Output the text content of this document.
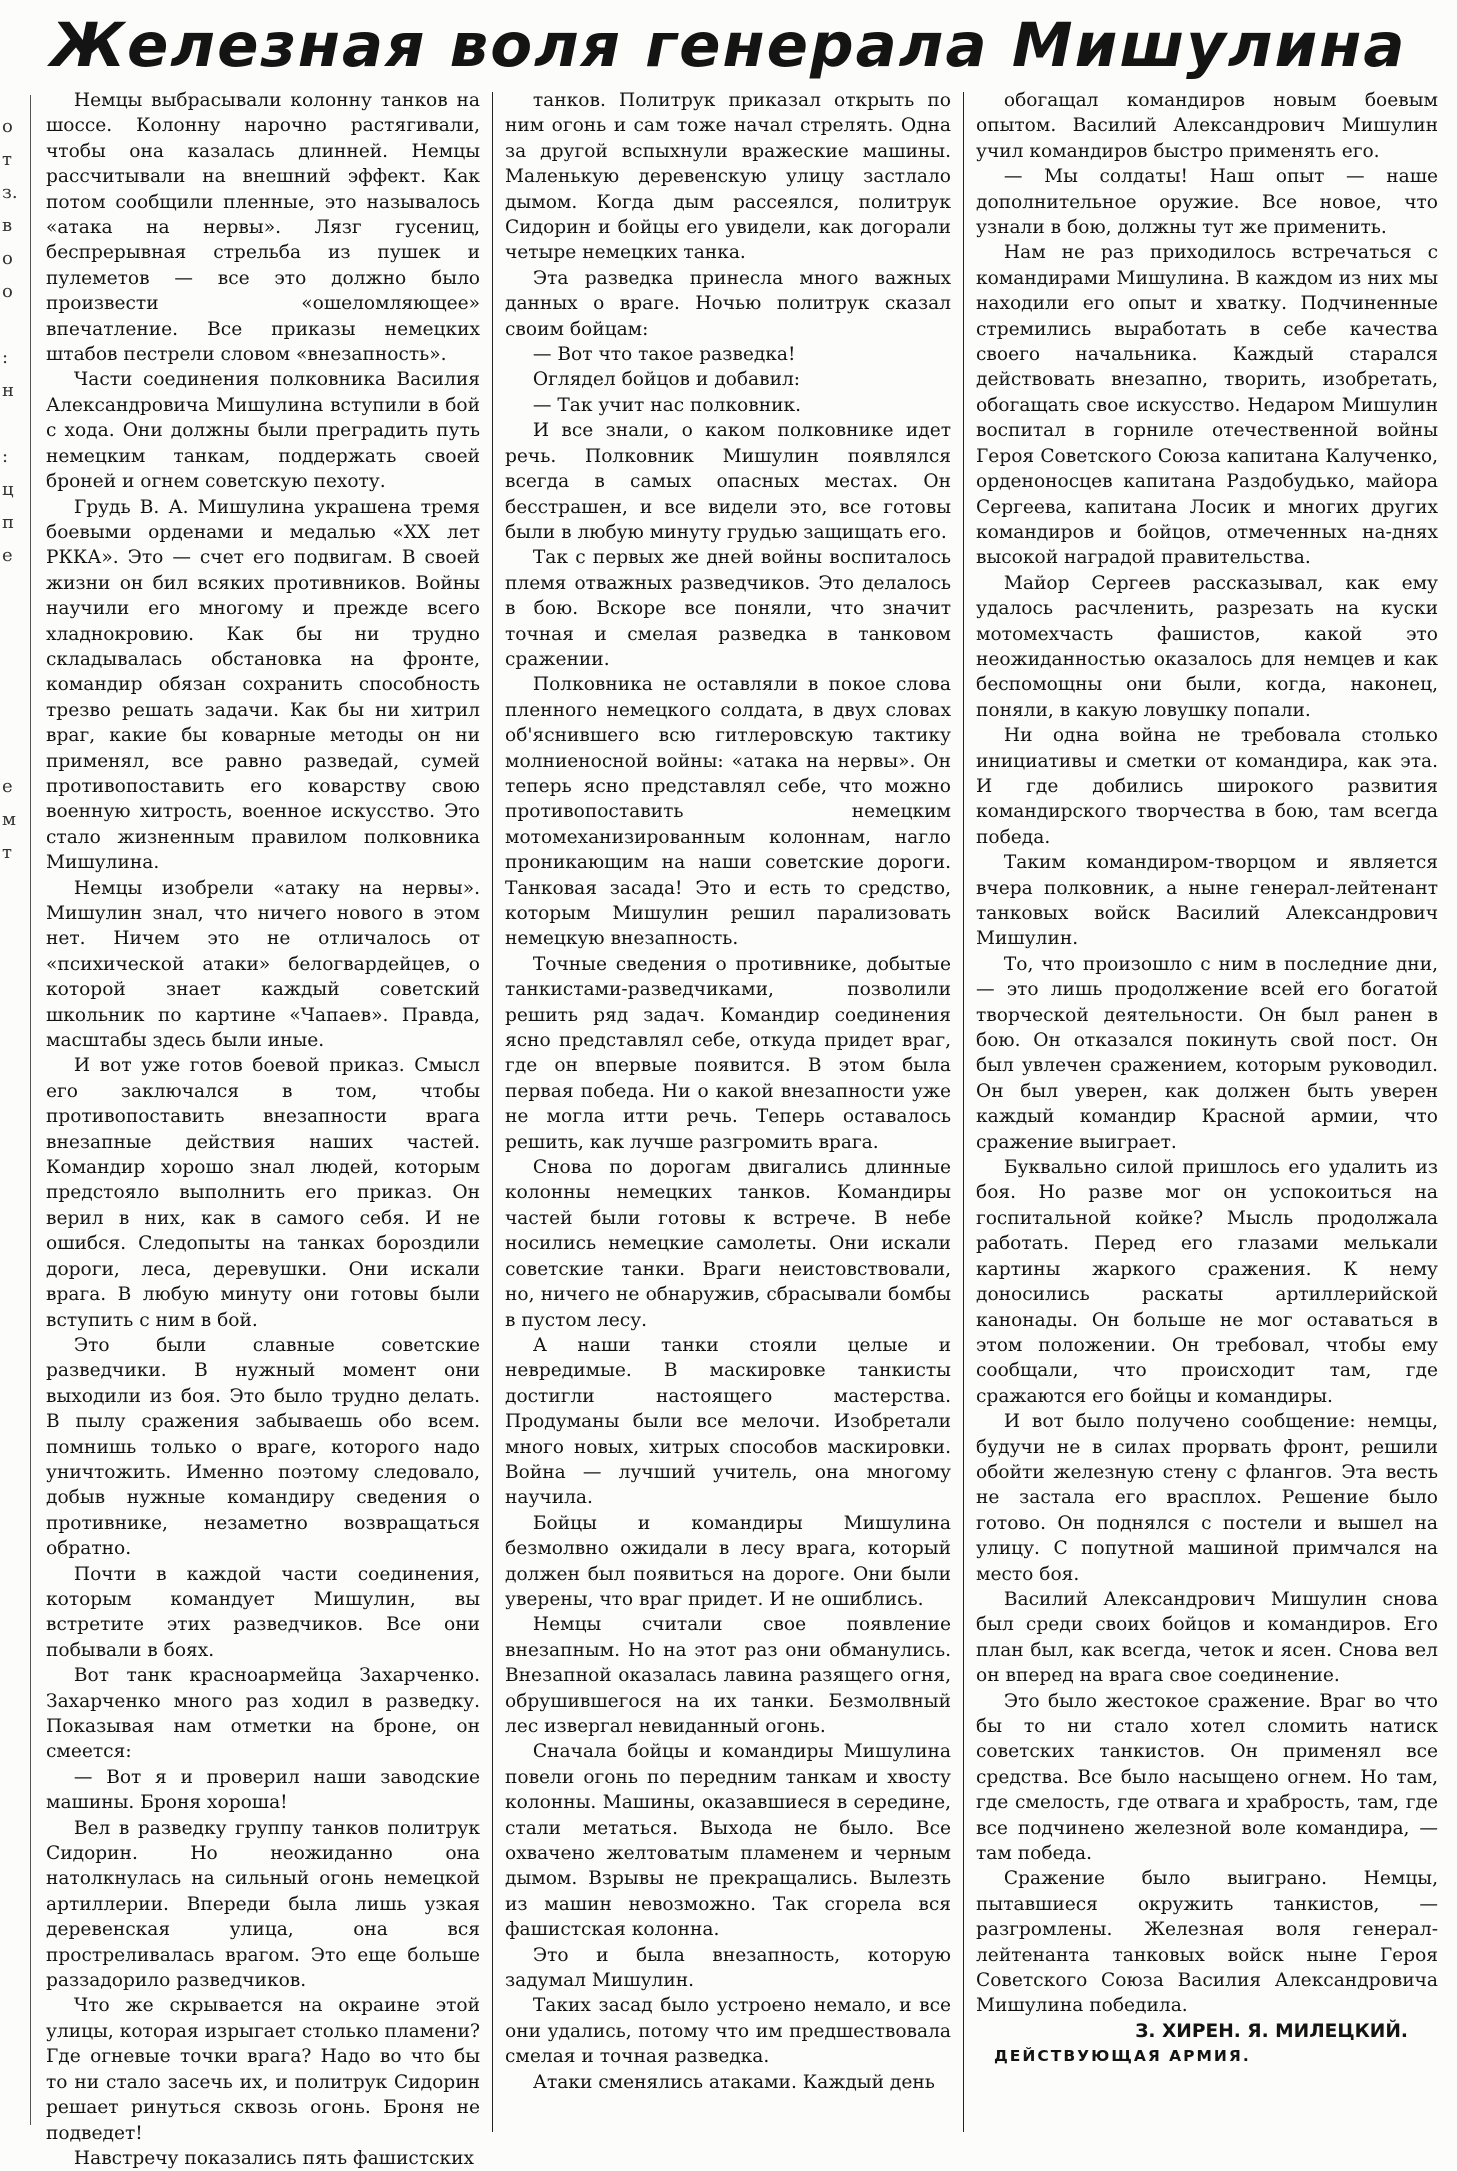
Железная воля генерала Мишулина
о
т
з.
в
о
о
:
н
:
ц
п
е
е
м
т

Немцы выбрасывали колонну танков на шоссе. Колонну нарочно растягивали, чтобы она казалась длинней. Немцы рассчитывали на внешний эффект. Как потом сообщили пленные, это называлось «атака на нервы». Лязг гусениц, беспрерывная стрельба из пушек и пулеметов — все это должно было произвести «ошеломляющее» впечатление. Все приказы немецких штабов пестрели словом «внезапность».

Части соединения полковника Василия Александровича Мишулина вступили в бой с хода. Они должны были преградить путь немецким танкам, поддержать своей броней и огнем советскую пехоту.

Грудь В. А. Мишулина украшена тремя боевыми орденами и медалью «XX лет РККА». Это — счет его подвигам. В своей жизни он бил всяких противников. Войны научили его многому и прежде всего хладнокровию. Как бы ни трудно складывалась обстановка на фронте, командир обязан сохранить способность трезво решать задачи. Как бы ни хитрил враг, какие бы коварные методы он ни применял, все равно разведай, сумей противопоставить его коварству свою военную хитрость, военное искусство. Это стало жизненным правилом полковника Мишулина.

Немцы изобрели «атаку на нервы». Мишулин знал, что ничего нового в этом нет. Ничем это не отличалось от «психической атаки» белогвардейцев, о которой знает каждый советский школьник по картине «Чапаев». Правда, масштабы здесь были иные.

И вот уже готов боевой приказ. Смысл его заключался в том, чтобы противопоставить внезапности врага внезапные действия наших частей. Командир хорошо знал людей, которым предстояло выполнить его приказ. Он верил в них, как в самого себя. И не ошибся. Следопыты на танках бороздили дороги, леса, деревушки. Они искали врага. В любую минуту они готовы были вступить с ним в бой.

Это были славные советские разведчики. В нужный момент они выходили из боя. Это было трудно делать. В пылу сражения забываешь обо всем. помнишь только о враге, которого надо уничтожить. Именно поэтому следовало, добыв нужные командиру сведения о противнике, незаметно возвращаться обратно.

Почти в каждой части соединения, которым командует Мишулин, вы встретите этих разведчиков. Все они побывали в боях.

Вот танк красноармейца Захарченко. Захарченко много раз ходил в разведку. Показывая нам отметки на броне, он смеется:

— Вот я и проверил наши заводские машины. Броня хороша!

Вел в разведку группу танков политрук Сидорин. Но неожиданно она натолкнулась на сильный огонь немецкой артиллерии. Впереди была лишь узкая деревенская улица, она вся простреливалась врагом. Это еще больше раззадорило разведчиков.

Что же скрывается на окраине этой улицы, которая изрыгает столько пламени? Где огневые точки врага? Надо во что бы то ни стало засечь их, и политрук Сидорин решает ринуться сквозь огонь. Броня не подведет!

Навстречу показались пять фашистских

танков. Политрук приказал открыть по ним огонь и сам тоже начал стрелять. Одна за другой вспыхнули вражеские машины. Маленькую деревенскую улицу застлало дымом. Когда дым рассеялся, политрук Сидорин и бойцы его увидели, как догорали четыре немецких танка.

Эта разведка принесла много важных данных о враге. Ночью политрук сказал своим бойцам:

— Вот что такое разведка!

Оглядел бойцов и добавил:

— Так учит нас полковник.

И все знали, о каком полковнике идет речь. Полковник Мишулин появлялся всегда в самых опасных местах. Он бесстрашен, и все видели это, все готовы были в любую минуту грудью защищать его.

Так с первых же дней войны воспиталось племя отважных разведчиков. Это делалось в бою. Вскоре все поняли, что значит точная и смелая разведка в танковом сражении.

Полковника не оставляли в покое слова пленного немецкого солдата, в двух словах об'яснившего всю гитлеровскую тактику молниеносной войны: «атака на нервы». Он теперь ясно представлял себе, что можно противопоставить немецким мотомеханизированным колоннам, нагло проникающим на наши советские дороги. Танковая засада! Это и есть то средство, которым Мишулин решил парализовать немецкую внезапность.

Точные сведения о противнике, добытые танкистами-разведчиками, позволили решить ряд задач. Командир соединения ясно представлял себе, откуда придет враг, где он впервые появится. В этом была первая победа. Ни о какой внезапности уже не могла итти речь. Теперь оставалось решить, как лучше разгромить врага.

Снова по дорогам двигались длинные колонны немецких танков. Командиры частей были готовы к встрече. В небе носились немецкие самолеты. Они искали советские танки. Враги неистовствовали, но, ничего не обнаружив, сбрасывали бомбы в пустом лесу.

А наши танки стояли целые и невредимые. В маскировке танкисты достигли настоящего мастерства. Продуманы были все мелочи. Изобретали много новых, хитрых способов маскировки. Война — лучший учитель, она многому научила.

Бойцы и командиры Мишулина безмолвно ожидали в лесу врага, который должен был появиться на дороге. Они были уверены, что враг придет. И не ошиблись.

Немцы считали свое появление внезапным. Но на этот раз они обманулись. Внезапной оказалась лавина разящего огня, обрушившегося на их танки. Безмолвный лес извергал невиданный огонь.

Сначала бойцы и командиры Мишулина повели огонь по передним танкам и хвосту колонны. Машины, оказавшиеся в середине, стали метаться. Выхода не было. Все охвачено желтоватым пламенем и черным дымом. Взрывы не прекращались. Вылезть из машин невозможно. Так сгорела вся фашистская колонна.

Это и была внезапность, которую задумал Мишулин.

Таких засад было устроено немало, и все они удались, потому что им предшествовала смелая и точная разведка.

Атаки сменялись атаками. Каждый день

обогащал командиров новым боевым опытом. Василий Александрович Мишулин учил командиров быстро применять его.

— Мы солдаты! Наш опыт — наше дополнительное оружие. Все новое, что узнали в бою, должны тут же применить.

Нам не раз приходилось встречаться с командирами Мишулина. В каждом из них мы находили его опыт и хватку. Подчиненные стремились выработать в себе качества своего начальника. Каждый старался действовать внезапно, творить, изобретать, обогащать свое искусство. Недаром Мишулин воспитал в горниле отечественной войны Героя Советского Союза капитана Калученко, орденоносцев капитана Раздобудько, майора Сергеева, капитана Лосик и многих других командиров и бойцов, отмеченных на-днях высокой наградой правительства.

Майор Сергеев рассказывал, как ему удалось расчленить, разрезать на куски мотомехчасть фашистов, какой это неожиданностью оказалось для немцев и как беспомощны они были, когда, наконец, поняли, в какую ловушку попали.

Ни одна война не требовала столько инициативы и сметки от командира, как эта. И где добились широкого развития командирского творчества в бою, там всегда победа.

Таким командиром-творцом и является вчера полковник, а ныне генерал-лейтенант танковых войск Василий Александрович Мишулин.

То, что произошло с ним в последние дни, — это лишь продолжение всей его богатой творческой деятельности. Он был ранен в бою. Он отказался покинуть свой пост. Он был увлечен сражением, которым руководил. Он был уверен, как должен быть уверен каждый командир Красной армии, что сражение выиграет.

Буквально силой пришлось его удалить из боя. Но разве мог он успокоиться на госпитальной койке? Мысль продолжала работать. Перед его глазами мелькали картины жаркого сражения. К нему доносились раскаты артиллерийской канонады. Он больше не мог оставаться в этом положении. Он требовал, чтобы ему сообщали, что происходит там, где сражаются его бойцы и командиры.

И вот было получено сообщение: немцы, будучи не в силах прорвать фронт, решили обойти железную стену с флангов. Эта весть не застала его врасплох. Решение было готово. Он поднялся с постели и вышел на улицу. С попутной машиной примчался на место боя.

Василий Александрович Мишулин снова был среди своих бойцов и командиров. Его план был, как всегда, четок и ясен. Снова вел он вперед на врага свое соединение.

Это было жестокое сражение. Враг во что бы то ни стало хотел сломить натиск советских танкистов. Он применял все средства. Все было насыщено огнем. Но там, где смелость, где отвага и храбрость, там, где все подчинено железной воле командира, — там победа.

Сражение было выиграно. Немцы, пытавшиеся окружить танкистов, — разгромлены. Железная воля генерал-лейтенанта танковых войск ныне Героя Советского Союза Василия Александровича Мишулина победила.

З. ХИРЕН. Я. МИЛЕЦКИЙ.

ДЕЙСТВУЮЩАЯ АРМИЯ.
